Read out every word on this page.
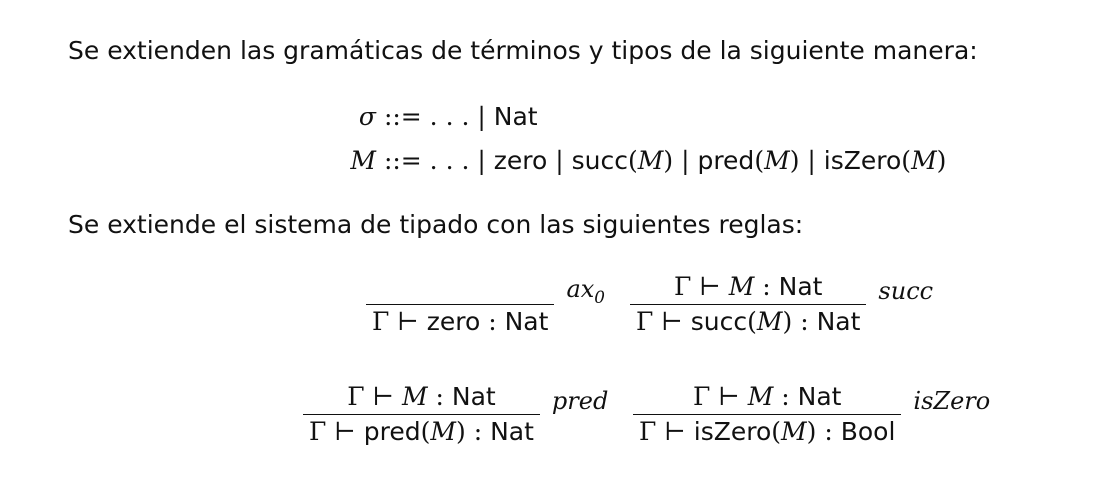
Se extienden las gramáticas de términos y tipos de la siguiente manera:
σ ::= . . . | Nat
M ::= . . . | zero | succ(M) | pred(M) | isZero(M)
Se extiende el sistema de tipado con las siguientes reglas:

Γ ⊢ zero : Nat
$ax_0 \frac{\text{Γ ⊢ M : Nat}}{\text{Γ ⊢ succ(M) : Nat}}$ succ
$\frac{\text{Γ ⊢ M : Nat}}{\text{Γ ⊢ pred(M) : Nat}}$ pred $\frac{\text{Γ ⊢ M : Nat}}{\text{Γ ⊢ isZero(M) : Bool}}$ isZero
